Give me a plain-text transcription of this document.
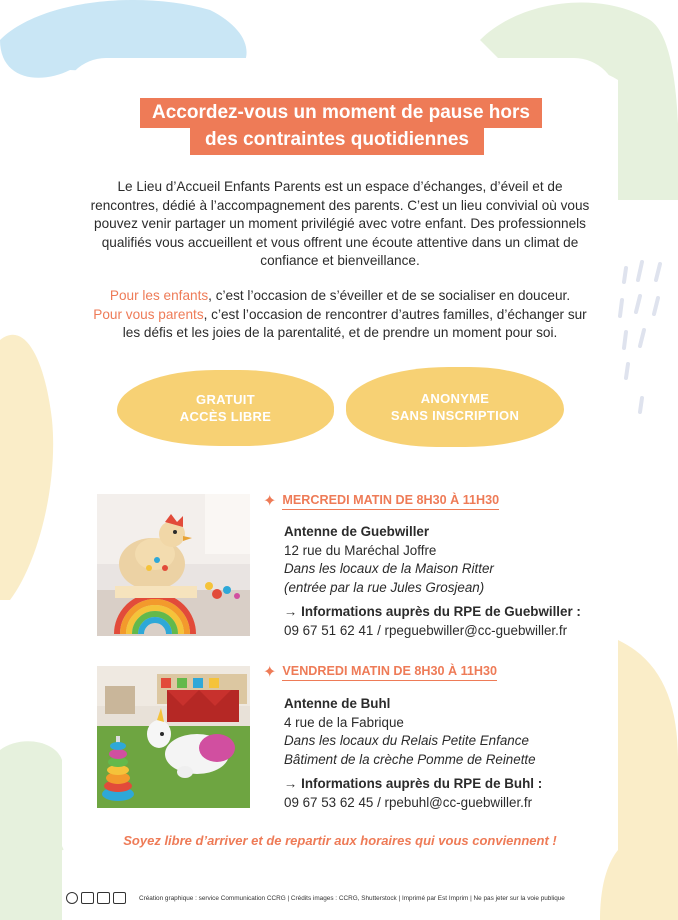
Accordez-vous un moment de pause hors
des contraintes quotidiennes

Le Lieu d’Accueil Enfants Parents est un espace d’échanges, d’éveil et de rencontres, dédié à l’accompagnement des parents. C’est un lieu convivial où vous pouvez venir partager un moment privilégié avec votre enfant. Des professionnels qualifiés vous accueillent et vous offrent une écoute attentive dans un climat de confiance et bienveillance.

Pour les enfants, c’est l’occasion de s’éveiller et de se socialiser en douceur.

Pour vous parents, c’est l’occasion de rencontrer d’autres familles, d’échanger sur les défis et les joies de la parentalité, et de prendre un moment pour soi.

GRATUIT
ACCÈS LIBRE
ANONYME
SANS INSCRIPTION
✦ MERCREDI MATIN DE 8H30 À 11H30
Antenne de Guebwiller
12 rue du Maréchal Joffre
Dans les locaux de la Maison Ritter
(entrée par la rue Jules Grosjean)
→ Informations auprès du RPE de Guebwiller :
09 67 51 62 41 / rpeguebwiller@cc-guebwiller.fr
✦ VENDREDI MATIN DE 8H30 À 11H30
Antenne de Buhl
4 rue de la Fabrique
Dans les locaux du Relais Petite Enfance
Bâtiment de la crèche Pomme de Reinette
→ Informations auprès du RPE de Buhl :
09 67 53 62 45 / rpebuhl@cc-guebwiller.fr
Soyez libre d’arriver et de repartir aux horaires qui vous conviennent !
Création graphique : service Communication CCRG | Crédits images : CCRG, Shutterstock | Imprimé par Est Imprim | Ne pas jeter sur la voie publique
